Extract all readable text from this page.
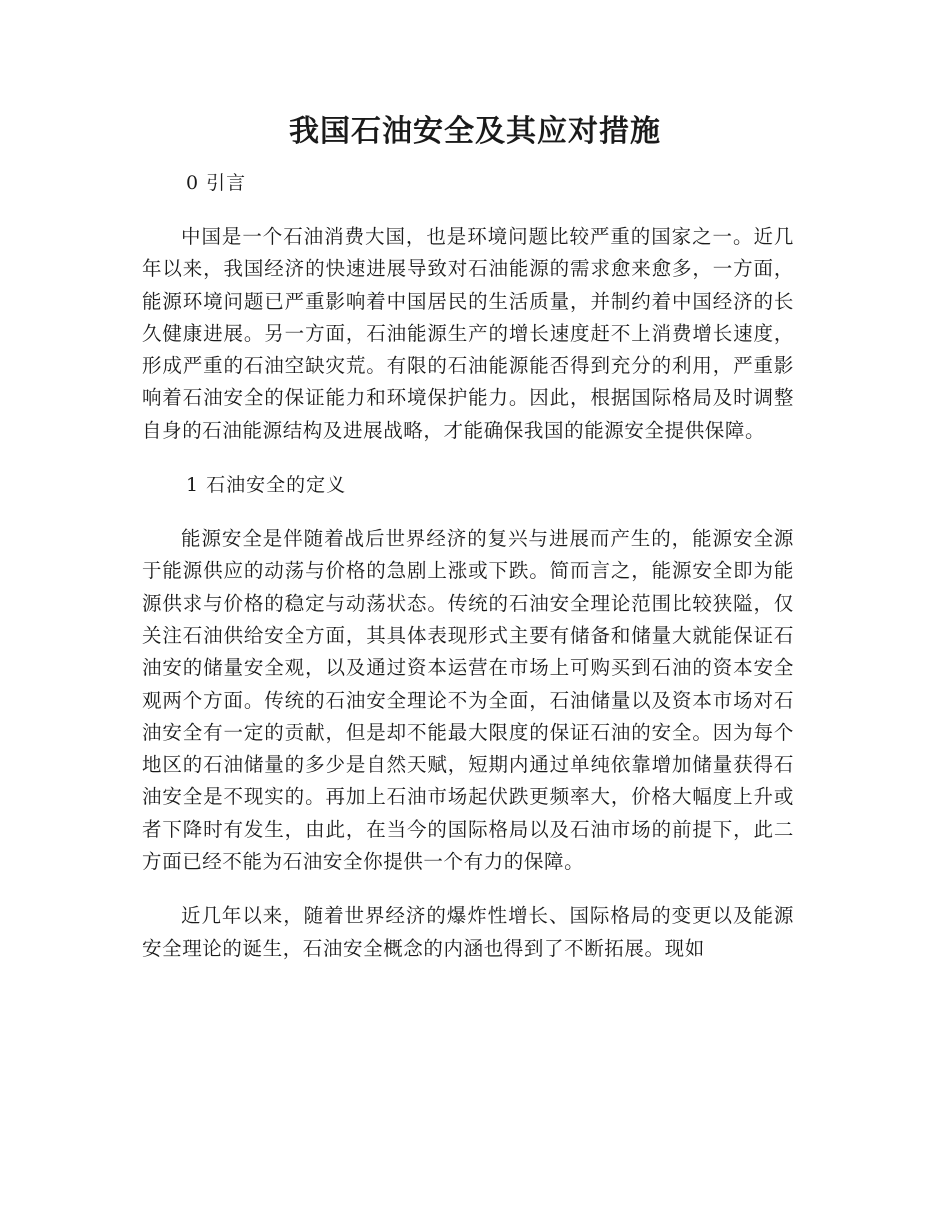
我国石油安全及其应对措施
0 引言

中国是一个石油消费大国，也是环境问题比较严重的国家之一。近几年以来，我国经济的快速进展导致对石油能源的需求愈来愈多，一方面，能源环境问题已严重影响着中国居民的生活质量，并制约着中国经济的长久健康进展。另一方面，石油能源生产的增长速度赶不上消费增长速度，形成严重的石油空缺灾荒。有限的石油能源能否得到充分的利用，严重影响着石油安全的保证能力和环境保护能力。因此，根据国际格局及时调整自身的石油能源结构及进展战略，才能确保我国的能源安全提供保障。

1 石油安全的定义

能源安全是伴随着战后世界经济的复兴与进展而产生的，能源安全源于能源供应的动荡与价格的急剧上涨或下跌。简而言之，能源安全即为能源供求与价格的稳定与动荡状态。传统的石油安全理论范围比较狭隘，仅关注石油供给安全方面，其具体表现形式主要有储备和储量大就能保证石油安的储量安全观，以及通过资本运营在市场上可购买到石油的资本安全观两个方面。传统的石油安全理论不为全面，石油储量以及资本市场对石油安全有一定的贡献，但是却不能最大限度的保证石油的安全。因为每个地区的石油储量的多少是自然天赋，短期内通过单纯依靠增加储量获得石油安全是不现实的。再加上石油市场起伏跌更频率大，价格大幅度上升或者下降时有发生，由此，在当今的国际格局以及石油市场的前提下，此二方面已经不能为石油安全你提供一个有力的保障。

近几年以来，随着世界经济的爆炸性增长、国际格局的变更以及能源安全理论的诞生，石油安全概念的内涵也得到了不断拓展。现如
